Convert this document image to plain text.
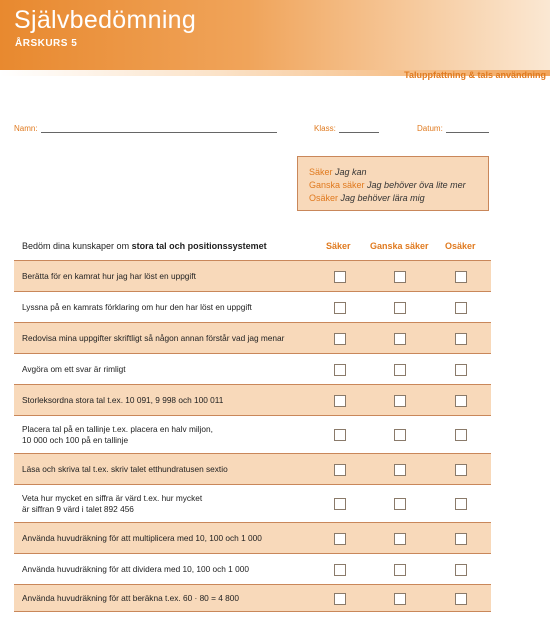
Självbedömning
ÅRSKURS 5
Taluppfattning & tals användning
Namn:	Klass:	Datum:
Säker Jag kan
Ganska säker Jag behöver öva lite mer
Osäker Jag behöver lära mig
Bedöm dina kunskaper om stora tal och positionssystemet	Säker Ganska säker Osäker
Berätta för en kamrat hur jag har löst en uppgift
Lyssna på en kamrats förklaring om hur den har löst en uppgift
Redovisa mina uppgifter skriftligt så någon annan förstår vad jag menar
Avgöra om ett svar är rimligt
Storleksordna stora tal t.ex. 10 091, 9 998 och 100 011
Placera tal på en tallinje t.ex. placera en halv miljon,
10 000 och 100 på en tallinje
Läsa och skriva tal t.ex. skriv talet etthundratusen sextio
Veta hur mycket en siffra är värd t.ex. hur mycket
är siffran 9 värd i talet 892 456
Använda huvudräkning för att multiplicera med 10, 100 och 1 000
Använda huvudräkning för att dividera med 10, 100 och 1 000
Använda huvudräkning för att beräkna t.ex. 60 · 80 = 4 800
